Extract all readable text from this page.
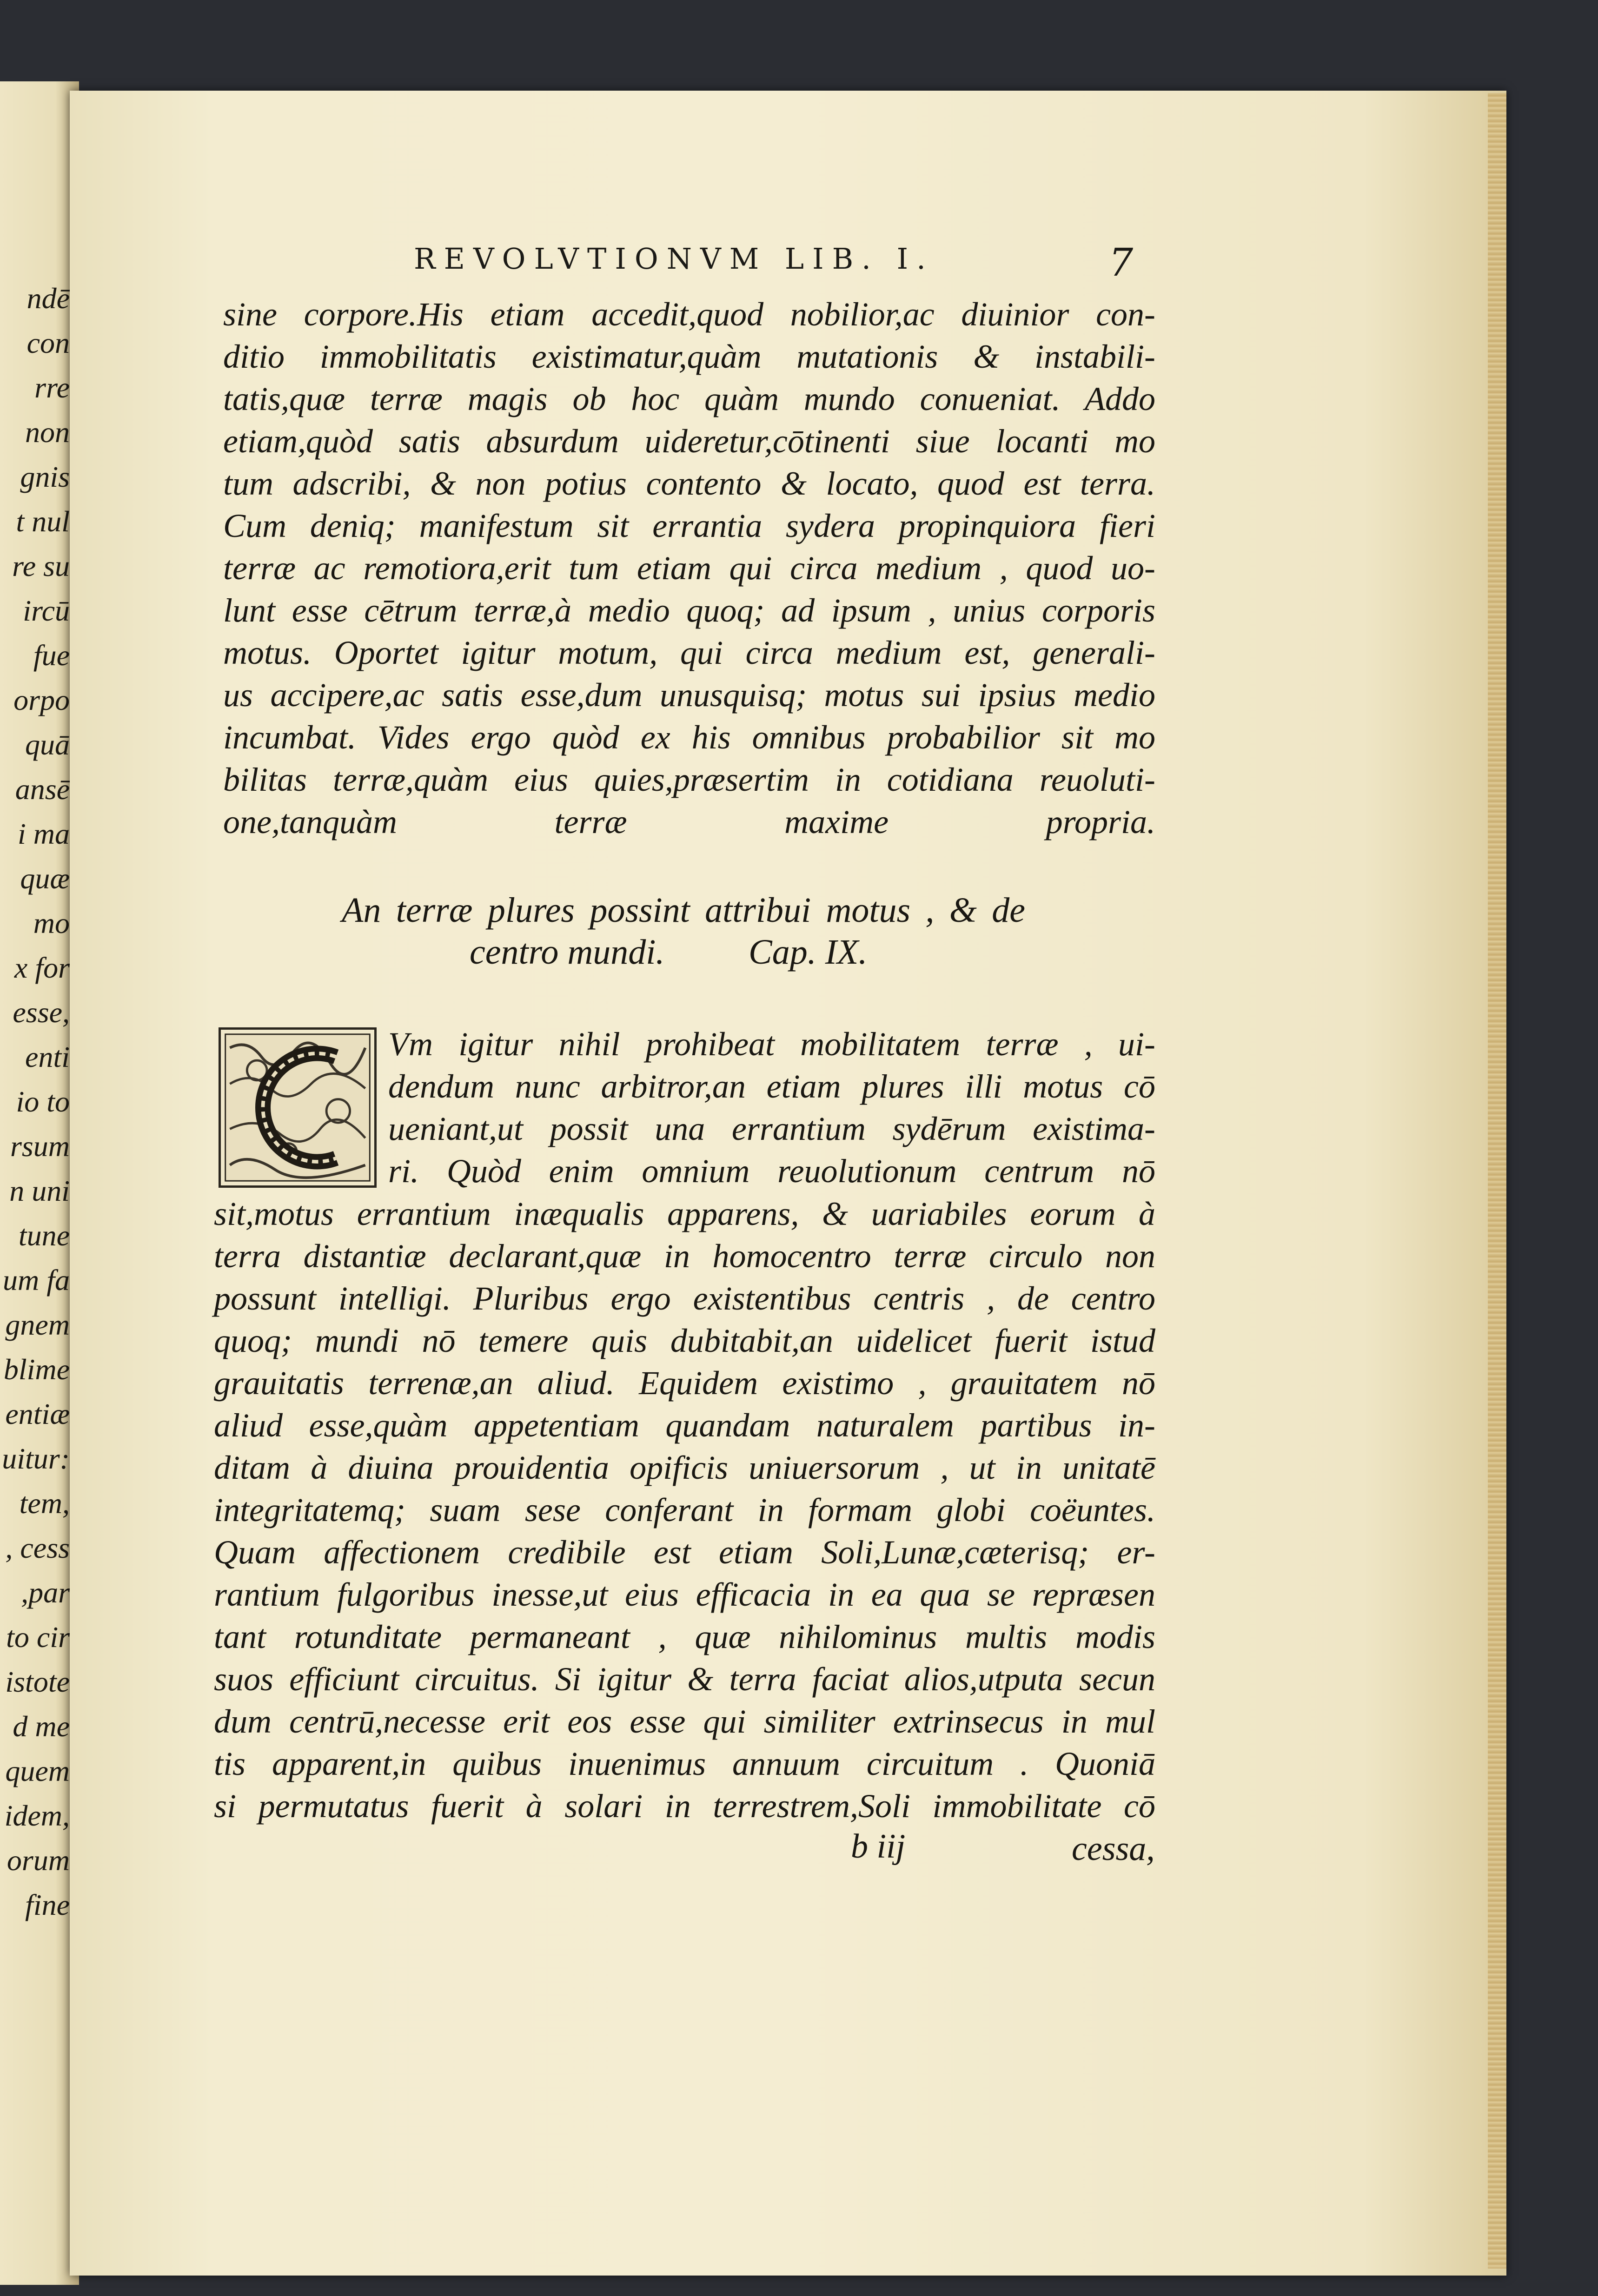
ndē
con
rre
non
gnis
t nul
re su
ircū
fue
orpo
quā
ansē
i ma
quæ
mo
x for
esse,
enti
io to
rsum
n uni
tune
um fa
gnem
blime
entiæ
uitur:
tem,
, cess
,par
to cir
istote
d me
quem
idem,
orum
fine
REVOLVTIONVM LIB. I.	7
sine corpore.His etiam accedit,quod nobilior,ac diuinior con-
ditio immobilitatis existimatur,quàm mutationis & instabili-
tatis,quæ terræ magis ob hoc quàm mundo conueniat. Addo
etiam,quòd satis absurdum uideretur,cōtinenti siue locanti mo
tum adscribi, & non potius contento & locato, quod est terra.
Cum deniq; manifestum sit errantia sydera propinquiora fieri
terræ ac remotiora,erit tum etiam qui circa medium , quod uo-
lunt esse cētrum terræ,à medio quoq; ad ipsum , unius corporis
motus. Oportet igitur motum, qui circa medium est, generali-
us accipere,ac satis esse,dum unusquisq; motus sui ipsius medio
incumbat. Vides ergo quòd ex his omnibus probabilior sit mo
bilitas terræ,quàm eius quies,præsertim in cotidiana reuoluti-
one,tanquàm terræ maxime propria.
An terræ plures possint attribui motus , & de
centro mundi. Cap. IX.
Vm igitur nihil prohibeat mobilitatem terræ , ui-
dendum nunc arbitror,an etiam plures illi motus cō
ueniant,ut possit una errantium sydērum existima-
ri. Quòd enim omnium reuolutionum centrum nō
sit,motus errantium inæqualis apparens, & uariabiles eorum à
terra distantiæ declarant,quæ in homocentro terræ circulo non
possunt intelligi. Pluribus ergo existentibus centris , de centro
quoq; mundi nō temere quis dubitabit,an uidelicet fuerit istud
grauitatis terrenæ,an aliud. Equidem existimo , grauitatem nō
aliud esse,quàm appetentiam quandam naturalem partibus in-
ditam à diuina prouidentia opificis uniuersorum , ut in unitatē
integritatemq; suam sese conferant in formam globi coëuntes.
Quam affectionem credibile est etiam Soli,Lunæ,cæterisq; er-
rantium fulgoribus inesse,ut eius efficacia in ea qua se repræsen
tant rotunditate permaneant , quæ nihilominus multis modis
suos efficiunt circuitus. Si igitur & terra faciat alios,utputa secun
dum centrū,necesse erit eos esse qui similiter extrinsecus in mul
tis apparent,in quibus inuenimus annuum circuitum . Quoniā
si permutatus fuerit à solari in terrestrem,Soli immobilitate cō
b iij	cessa,
